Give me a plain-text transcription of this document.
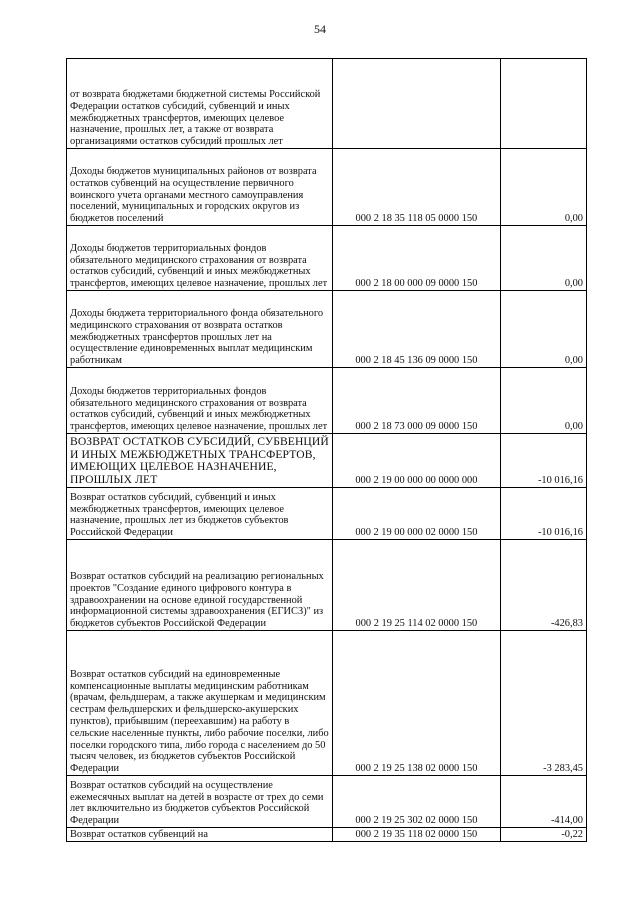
54
от возврата бюджетами бюджетной системы Российской Федерации остатков субсидий, субвенций и иных межбюджетных трансфертов, имеющих целевое назначение, прошлых лет, а также от возврата организациями остатков субсидий прошлых лет		

Доходы бюджетов муниципальных районов от возврата остатков субвенций на осуществление первичного воинского учета органами местного самоуправления поселений, муниципальных и городских округов из бюджетов поселений	000 2 18 35 118 05 0000 150	0,00

Доходы бюджетов территориальных фондов обязательного медицинского страхования от возврата остатков субсидий, субвенций и иных межбюджетных трансфертов, имеющих целевое назначение, прошлых лет	000 2 18 00 000 09 0000 150	0,00

Доходы бюджета территориального фонда обязательного медицинского страхования от возврата остатков межбюджетных трансфертов прошлых лет на осуществление единовременных выплат медицинским работникам	000 2 18 45 136 09 0000 150	0,00

Доходы бюджетов территориальных фондов обязательного медицинского страхования от возврата остатков субсидий, субвенций и иных межбюджетных трансфертов, имеющих целевое назначение, прошлых лет	000 2 18 73 000 09 0000 150	0,00

ВОЗВРАТ ОСТАТКОВ СУБСИДИЙ, СУБВЕНЦИЙ И ИНЫХ МЕЖБЮДЖЕТНЫХ ТРАНСФЕРТОВ, ИМЕЮЩИХ ЦЕЛЕВОЕ НАЗНАЧЕНИЕ, ПРОШЛЫХ ЛЕТ	000 2 19 00 000 00 0000 000	-10 016,16

Возврат остатков субсидий, субвенций и иных межбюджетных трансфертов, имеющих целевое назначение, прошлых лет из бюджетов субъектов Российской Федерации	000 2 19 00 000 02 0000 150	-10 016,16

Возврат остатков субсидий на реализацию региональных проектов "Создание единого цифрового контура в здравоохранении на основе единой государственной информационной системы здравоохранения (ЕГИСЗ)" из бюджетов субъектов Российской Федерации	000 2 19 25 114 02 0000 150	-426,83

Возврат остатков субсидий на единовременные компенсационные выплаты медицинским работникам (врачам, фельдшерам, а также акушеркам и медицинским сестрам фельдшерских и фельдшерско-акушерских пунктов), прибывшим (переехавшим) на работу в сельские населенные пункты, либо рабочие поселки, либо поселки городского типа, либо города с населением до 50 тысяч человек, из бюджетов субъектов Российской Федерации	000 2 19 25 138 02 0000 150	-3 283,45

Возврат остатков субсидий на осуществление ежемесячных выплат на детей в возрасте от трех до семи лет включительно из бюджетов субъектов Российской Федерации	000 2 19 25 302 02 0000 150	-414,00

Возврат остатков субвенций на	000 2 19 35 118 02 0000 150	-0,22
